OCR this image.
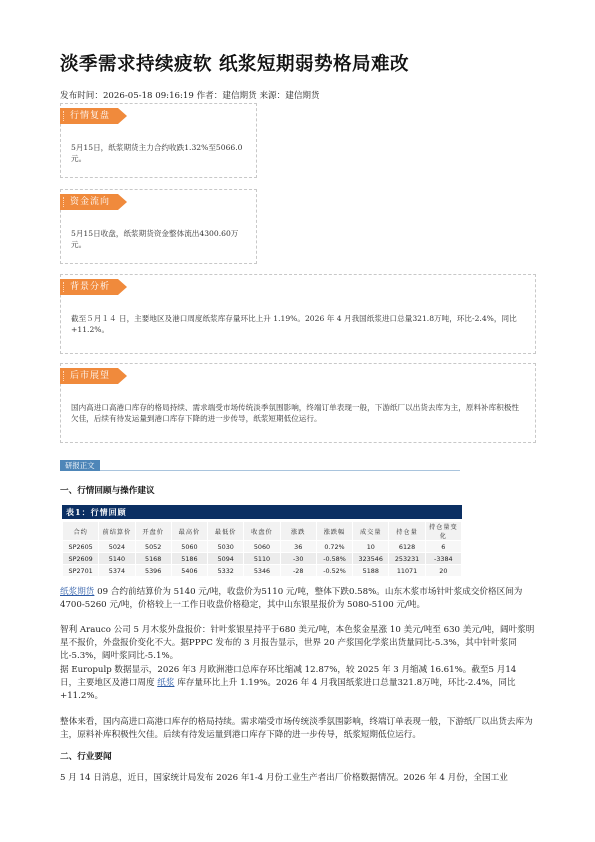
淡季需求持续疲软 纸浆短期弱势格局难改
发布时间：2026-05-18 09:16:19 作者：建信期货 来源：建信期货
行情复盘
5月15日，纸浆期货主力合约收跌1.32%至5066.0元。
资金流向
5月15日收盘，纸浆期货资金整体流出4300.60万元。
背景分析
截至５月１４ 日，主要地区及港口周度纸浆库存量环比上升 1.19%。2026 年 4 月我国纸浆进口总量321.8万吨，环比-2.4%，同比+11.2%。
后市展望
国内高进口高港口库存的格局持续、需求端受市场传统淡季氛围影响，终端订单表现一般，下游纸厂以出货去库为主，原料补库积极性欠佳，后续有待发运量到港口库存下降的进一步传导，纸浆短期低位运行。
研报正文
一、行情回顾与操作建议
表1：行情回顾
合约	前结算价	开盘价	最高价	最低价	收盘价	涨跌	涨跌幅	成交量	持仓量	持仓量变化
SP2605	5024	5052	5060	5030	5060	36	0.72%	10	6128	6
SP2609	5140	5168	5186	5094	5110	-30	-0.58%	323546	253231	-3384
SP2701	5374	5396	5406	5332	5346	-28	-0.52%	5188	11071	20
纸浆期货 09 合约前结算价为 5140 元/吨，收盘价为5110 元/吨，整体下跌0.58%。山东木浆市场针叶浆成交价格区间为4700-5260 元/吨，价格较上一工作日收盘价格稳定，其中山东银星报价为 5080-5100 元/吨。
智利 Arauco 公司 5 月木浆外盘报价：针叶浆银星持平于680 美元/吨，本色浆金星涨 10 美元/吨至 630 美元/吨，阔叶浆明星不报价，外盘报价变化不大。据PPPC 发布的 3 月报告显示，世界 20 产浆国化学浆出货量同比-5.3%，其中针叶浆同比-5.3%，阔叶浆同比-5.1%。
据 Europulp 数据显示，2026 年3 月欧洲港口总库存环比缩减 12.87%，较 2025 年 3 月缩减 16.61%。截至5 月14 日，主要地区及港口周度 纸浆 库存量环比上升 1.19%。2026 年 4 月我国纸浆进口总量321.8万吨，环比-2.4%，同比+11.2%。
整体来看，国内高进口高港口库存的格局持续。需求端受市场传统淡季氛围影响，终端订单表现一般，下游纸厂以出货去库为主，原料补库积极性欠佳。后续有待发运量到港口库存下降的进一步传导，纸浆短期低位运行。
二、行业要闻
5 月 14 日消息，近日，国家统计局发布 2026 年1-4 月份工业生产者出厂价格数据情况。2026 年 4 月份，全国工业
